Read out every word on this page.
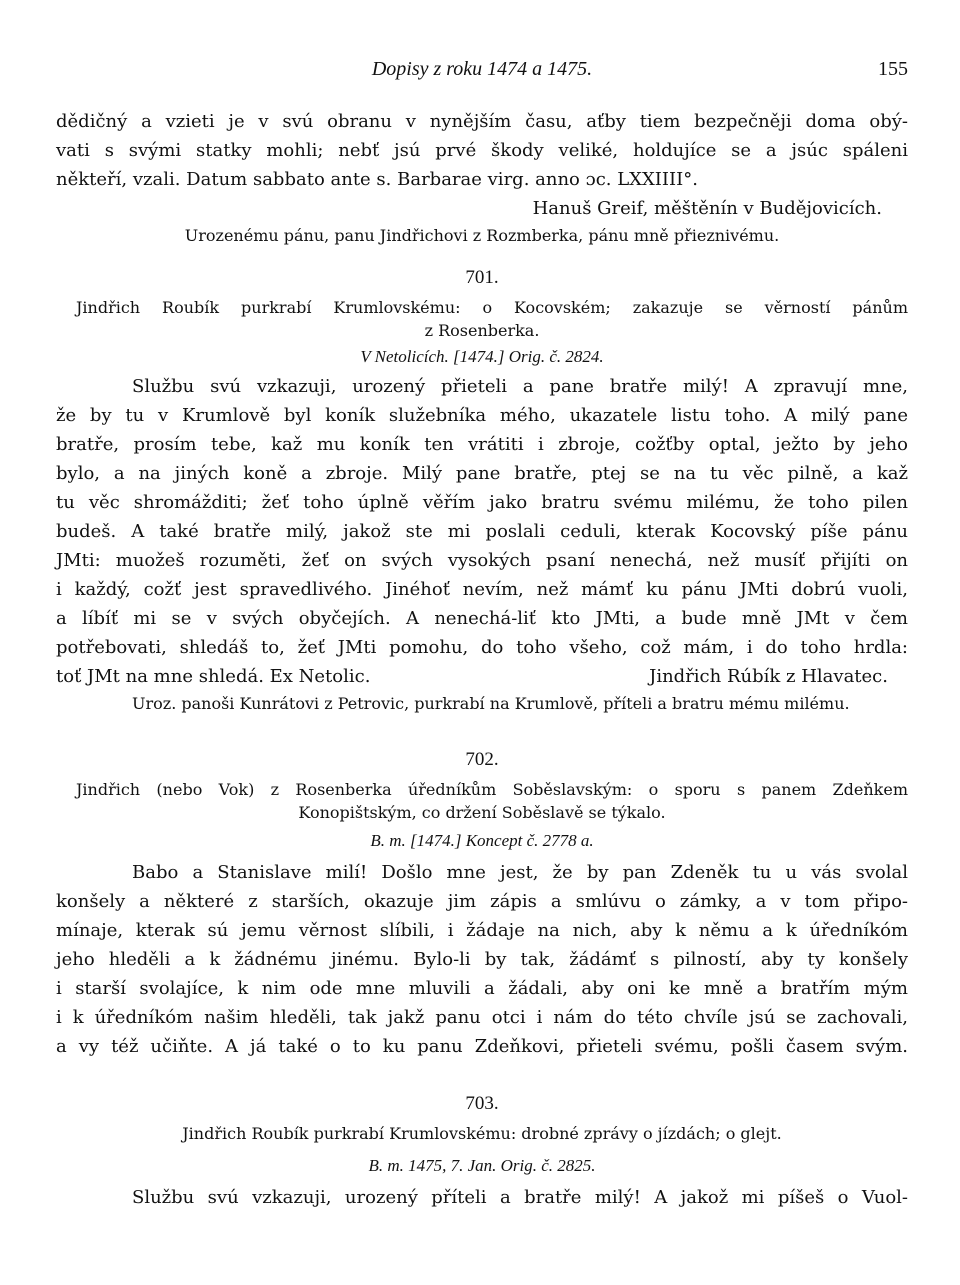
Dopisy z roku 1474 a 1475.	155
dědičný a vzieti je v svú obranu v nynějším času, aťby tiem bezpečněji doma obý-
vati s svými statky mohli; nebť jsú prvé škody veliké, holdujíce se a jsúc spáleni
někteří, vzali. Datum sabbato ante s. Barbarae virg. anno ɔc. LXXIIII°.
Hanuš Greif, měštěnín v Budějovicích.
Urozenému pánu, panu Jindřichovi z Rozmberka, pánu mně přieznivému.
701.
Jindřich Roubík purkrabí Krumlovskému: o Kocovském; zakazuje se věrností pánům
z Rosenberka.
V Netolicích. [1474.] Orig. č. 2824.
Službu svú vzkazuji, urozený přieteli a pane bratře milý! A zpravují mne,
že by tu v Krumlově byl koník služebníka mého, ukazatele listu toho. A milý pane
bratře, prosím tebe, kaž mu koník ten vrátiti i zbroje, cožťby optal, ježto by jeho
bylo, a na jiných koně a zbroje. Milý pane bratře, ptej se na tu věc pilně, a kaž
tu věc shromážditi; žeť toho úplně věřím jako bratru svému milému, že toho pilen
budeš. A také bratře milý, jakož ste mi poslali ceduli, kterak Kocovský píše pánu
JMti: muožeš rozuměti, žeť on svých vysokých psaní nenechá, než musíť přijíti on
i každý, cožť jest spravedlivého. Jinéhoť nevím, než mámť ku pánu JMti dobrú vuoli,
a líbíť mi se v svých obyčejích. A nenechá-liť kto JMti, a bude mně JMt v čem
potřebovati, shledáš to, žeť JMti pomohu, do toho všeho, což mám, i do toho hrdla:
toť JMt na mne shledá. Ex Netolic.	Jindřich Rúbík z Hlavatec.
Uroz. panoši Kunrátovi z Petrovic, purkrabí na Krumlově, příteli a bratru mému milému.
702.
Jindřich (nebo Vok) z Rosenberka úředníkům Soběslavským: o sporu s panem Zdeňkem
Konopištským, co držení Soběslavě se týkalo.
B. m. [1474.] Koncept č. 2778 a.
Babo a Stanislave milí! Došlo mne jest, že by pan Zdeněk tu u vás svolal
konšely a některé z starších, okazuje jim zápis a smlúvu o zámky, a v tom připo-
mínaje, kterak sú jemu věrnost slíbili, i žádaje na nich, aby k němu a k úředníkóm
jeho hleděli a k žádnému jinému. Bylo-li by tak, žádámť s pilností, aby ty konšely
i starší svolajíce, k nim ode mne mluvili a žádali, aby oni ke mně a bratřím mým
i k úředníkóm našim hleděli, tak jakž panu otci i nám do této chvíle jsú se zachovali,
a vy též učiňte. A já také o to ku panu Zdeňkovi, přieteli svému, pošli časem svým.
703.
Jindřich Roubík purkrabí Krumlovskému: drobné zprávy o jízdách; o glejt.
B. m. 1475, 7. Jan. Orig. č. 2825.
Službu svú vzkazuji, urozený příteli a bratře milý! A jakož mi píšeš o Vuol-
